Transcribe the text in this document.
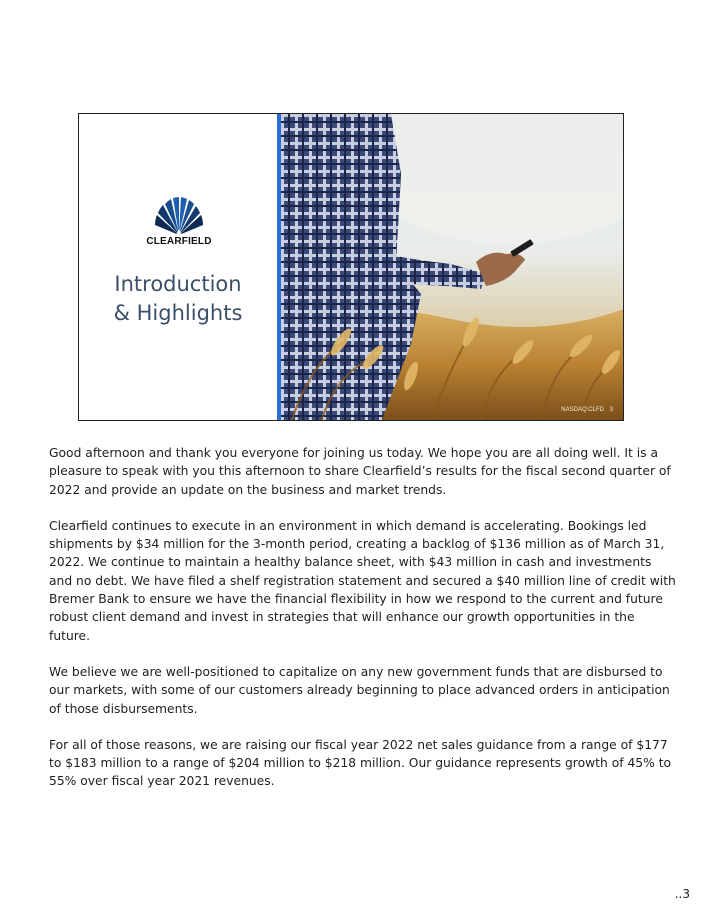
CLEARFIELD
Introduction
& Highlights
NASDAQ:CLFD 3

Good afternoon and thank you everyone for joining us today. We hope you are all doing well. It is a pleasure to speak with you this afternoon to share Clearfield’s results for the fiscal second quarter of 2022 and provide an update on the business and market trends.

Clearfield continues to execute in an environment in which demand is accelerating. Bookings led shipments by $34 million for the 3-month period, creating a backlog of $136 million as of March 31, 2022. We continue to maintain a healthy balance sheet, with $43 million in cash and investments and no debt. We have filed a shelf registration statement and secured a $40 million line of credit with Bremer Bank to ensure we have the financial flexibility in how we respond to the current and future robust client demand and invest in strategies that will enhance our growth opportunities in the future.

We believe we are well-positioned to capitalize on any new government funds that are disbursed to our markets, with some of our customers already beginning to place advanced orders in anticipation of those disbursements.

For all of those reasons, we are raising our fiscal year 2022 net sales guidance from a range of $177 to $183 million to a range of $204 million to $218 million. Our guidance represents growth of 45% to 55% over fiscal year 2021 revenues.

..3
